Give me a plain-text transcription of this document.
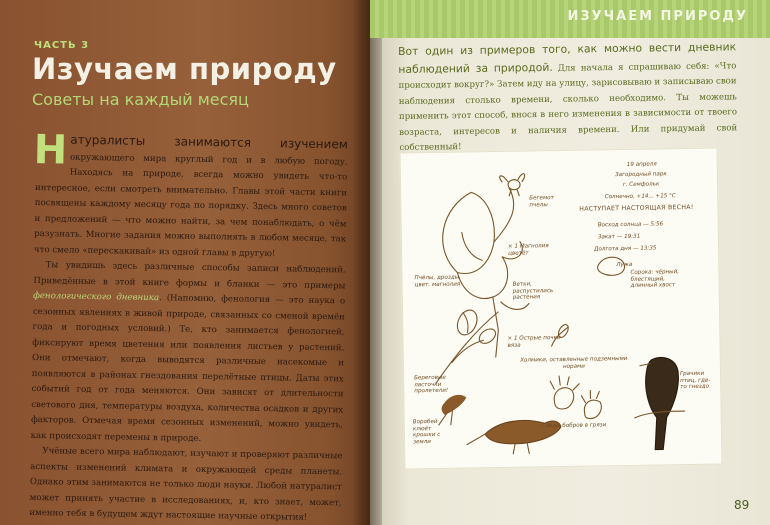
ЧАСТЬ 3
Изучаем природу
Советы на каждый месяц

Натуралисты занимаются изучением окружающего мира круглый год и в любую погоду. Находясь на природе, всегда можно увидеть что-то интересное, если смотреть внимательно. Главы этой части книги посвящены каждому месяцу года по порядку. Здесь много советов и предложений — что можно найти, за чем понаблюдать, о чём разузнать. Многие задания можно выполнять в любом месяце, так что смело «перескакивай» из одной главы в другую!

Ты увидишь здесь различные способы записи наблюдений. Приведённые в этой книге формы и бланки — это примеры фенологического дневника. (Напомню, фенология — это наука о сезонных явлениях в живой природе, связанных со сменой времён года и погодных условий.) Те, кто занимается фенологией, фиксируют время цветения или появления листьев у растений. Они отмечают, когда выводятся различные насекомые и появляются в районах гнездования перелётные птицы. Даты этих событий год от года меняются. Они зависят от длительности светового дня, температуры воздуха, количества осадков и других факторов. Отмечая время сезонных изменений, можно увидеть, как происходят перемены в природе.

Учёные всего мира наблюдают, изучают и проверяют различные аспекты изменений климата и окружающей среды планеты. Однако этим занимаются не только люди науки. Любой натуралист может принять участие в исследованиях, и, кто знает, может, именно тебя в будущем ждут настоящие научные открытия!

ИЗУЧАЕМ ПРИРОДУ
Вот один из примеров того, как можно вести дневник наблюдений за природой. Для начала я спрашиваю себя: «Что происходит вокруг?» Затем иду на улицу, зарисовываю и записываю свои наблюдения столько времени, сколько необходимо. Ты можешь применить этот способ, внося в него изменения в зависимости от твоего возраста, интересов и наличия времени. Или придумай свой собственный!
19 апреля
Загородный парк
г. Семфольк
Солнечно, +14... +15 °С
НАСТУПАЕТ НАСТОЯЩАЯ ВЕСНА!
Восход солнца — 5:56
Закат — 19:31
Долгота дня — 13:35
Бегемот пчелы
× 1 Магнолия цветёт
Пчёлы, дрозды, цвет. магнолия	Ветки, распустились растения
× 1 Острые почки вяза
Холмики, оставленные подземными норами
Лужа
Сорока: чёрный, блестящий, длинный хвост
Грачики птиц, где-то гнездо
Береговые ласточки пролетели!
Следы бобров в грязи
Воробей клюёт крошки с земли
89
